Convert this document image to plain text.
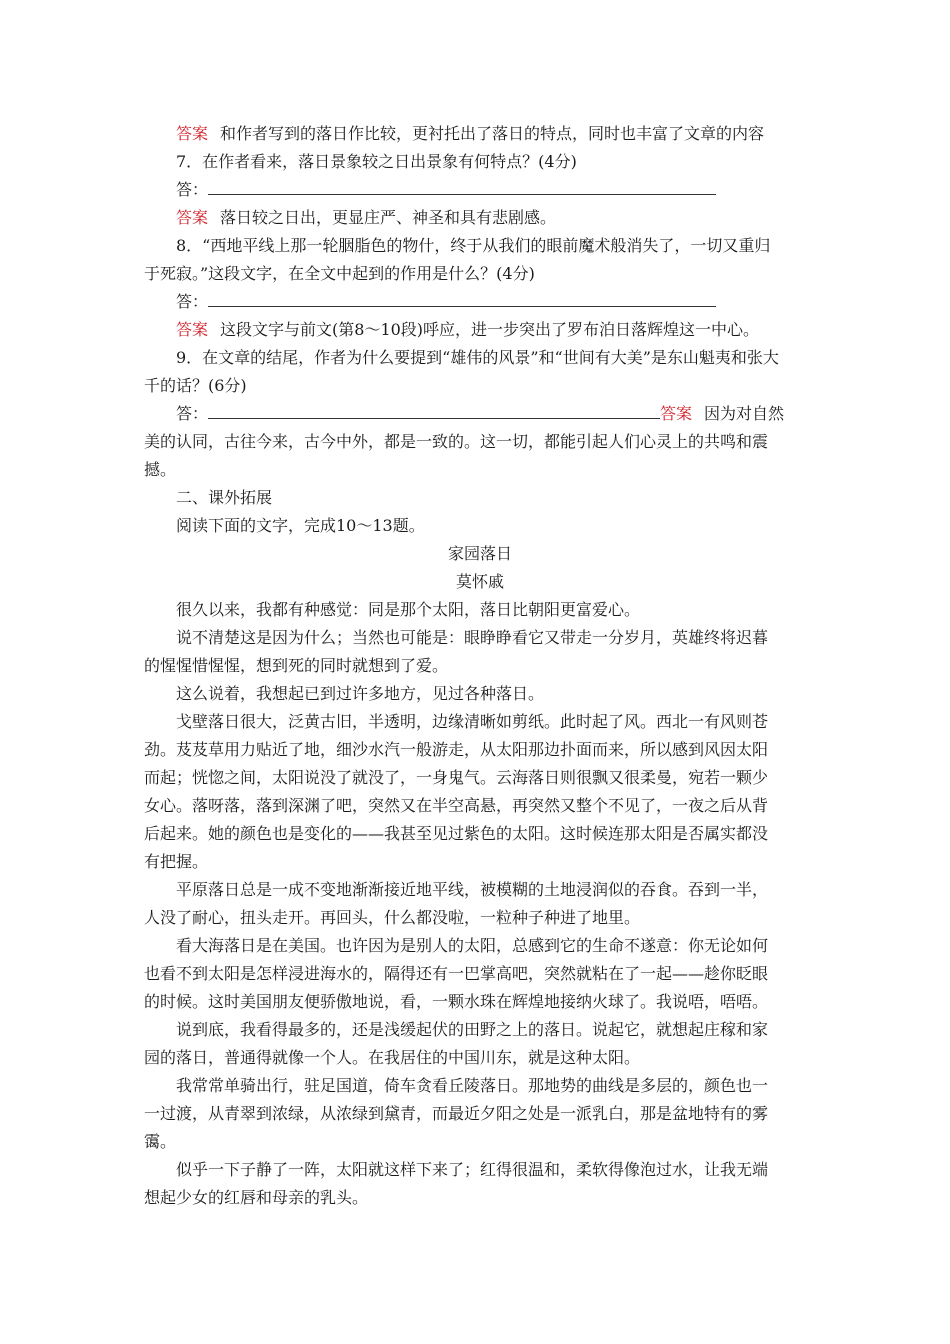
答案 和作者写到的落日作比较，更衬托出了落日的特点，同时也丰富了文章的内容
7．在作者看来，落日景象较之日出景象有何特点？(4分)
答：
答案 落日较之日出，更显庄严、神圣和具有悲剧感。
8．“西地平线上那一轮胭脂色的物什，终于从我们的眼前魔术般消失了，一切又重归
于死寂。”这段文字，在全文中起到的作用是什么？(4分)
答：
答案 这段文字与前文(第8～10段)呼应，进一步突出了罗布泊日落辉煌这一中心。
9．在文章的结尾，作者为什么要提到“雄伟的风景”和“世间有大美”是东山魁夷和张大
千的话？(6分)
答：	答案 因为对自然
美的认同，古往今来，古今中外，都是一致的。这一切，都能引起人们心灵上的共鸣和震
撼。
二、课外拓展
阅读下面的文字，完成10～13题。
家园落日
莫怀戚
很久以来，我都有种感觉：同是那个太阳，落日比朝阳更富爱心。
说不清楚这是因为什么；当然也可能是：眼睁睁看它又带走一分岁月，英雄终将迟暮
的惺惺惜惺惺，想到死的同时就想到了爱。
这么说着，我想起已到过许多地方，见过各种落日。
戈壁落日很大，泛黄古旧，半透明，边缘清晰如剪纸。此时起了风。西北一有风则苍
劲。芨芨草用力贴近了地，细沙水汽一般游走，从太阳那边扑面而来，所以感到风因太阳
而起；恍惚之间，太阳说没了就没了，一身鬼气。云海落日则很飘又很柔曼，宛若一颗少
女心。落呀落，落到深渊了吧，突然又在半空高悬，再突然又整个不见了，一夜之后从背
后起来。她的颜色也是变化的——我甚至见过紫色的太阳。这时候连那太阳是否属实都没
有把握。
平原落日总是一成不变地渐渐接近地平线，被模糊的土地浸润似的吞食。吞到一半，
人没了耐心，扭头走开。再回头，什么都没啦，一粒种子种进了地里。
看大海落日是在美国。也许因为是别人的太阳，总感到它的生命不遂意：你无论如何
也看不到太阳是怎样浸进海水的，隔得还有一巴掌高吧，突然就粘在了一起——趁你眨眼
的时候。这时美国朋友便骄傲地说，看，一颗水珠在辉煌地接纳火球了。我说唔，唔唔。
说到底，我看得最多的，还是浅缓起伏的田野之上的落日。说起它，就想起庄稼和家
园的落日，普通得就像一个人。在我居住的中国川东，就是这种太阳。
我常常单骑出行，驻足国道，倚车贪看丘陵落日。那地势的曲线是多层的，颜色也一
一过渡，从青翠到浓绿，从浓绿到黛青，而最近夕阳之处是一派乳白，那是盆地特有的雾
霭。
似乎一下子静了一阵，太阳就这样下来了；红得很温和，柔软得像泡过水，让我无端
想起少女的红唇和母亲的乳头。
